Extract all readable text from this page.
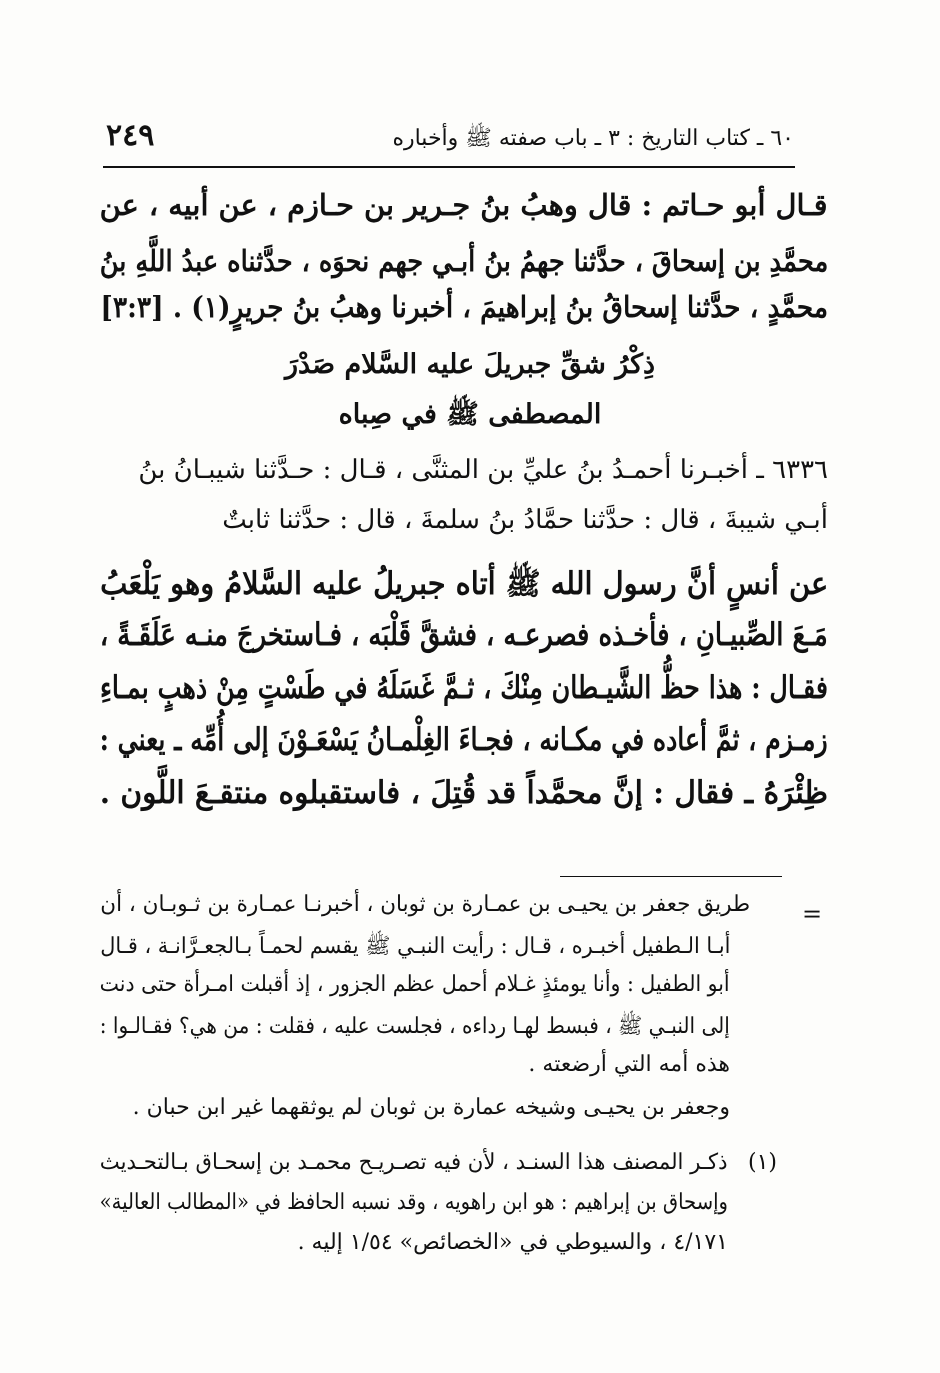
٢٤٩	٦٠ ـ كتاب التاريخ : ٣ ـ باب صفته ﷺ وأخباره
قـال أبو حـاتم : قال وهبُ بنُ جـرير بن حـازم ، عن أبيه ، عن
محمَّدِ بن إسحاقَ ، حدَّثنا جهمُ بنُ أبـي جهم نحوَه ، حدَّثناه عبدُ اللَّهِ بنُ
محمَّدٍ ، حدَّثنا إسحاقُ بنُ إبراهيمَ ، أخبرنا وهبُ بنُ جريرٍ(١) . [٣:٣]
ذِكْرُ شقِّ جبريلَ عليه السَّلام صَدْرَ
المصطفى ﷺ في صِباه
٦٣٣٦ ـ أخبـرنا أحمـدُ بنُ عليِّ بن المثنَّى ، قـال : حـدَّثنا شيبـانُ بنُ
أبـي شيبةَ ، قال : حدَّثنا حمَّادُ بنُ سلمةَ ، قال : حدَّثنا ثابتٌ
عن أنسٍ أنَّ رسول الله ﷺ أتاه جبريلُ عليه السَّلامُ وهو يَلْعَبُ
مَـعَ الصِّبيـانِ ، فأخـذه فصرعـه ، فشقَّ قَلْبَه ، فـاستخرجَ منـه عَلَقَـةً ،
فقـال : هذا حظُّ الشَّيـطان مِنْكَ ، ثـمَّ غَسَلَهُ في طَسْتٍ مِنْ ذهبٍ بمـاءِ
زمـزم ، ثمَّ أعاده في مكـانه ، فجـاءَ الغِلْمـانُ يَسْعَـوْنَ إلى أُمِّه ـ يعني :
ظِئْرَهُ ـ فقال : إنَّ محمَّداً قد قُتِلَ ، فاستقبلوه منتقـعَ اللَّون .
=
طريق جعفر بن يحيـى بن عمـارة بن ثوبان ، أخبرنـا عمـارة بن ثـوبـان ، أن
أبـا الـطفيل أخبـره ، قـال : رأيت النبـي ﷺ يقسم لحمـاً بـالجعـرَّانـة ، قـال
أبو الطفيل : وأنا يومئذٍ غـلام أحمل عظم الجزور ، إذ أقبلت امـرأة حتى دنت
إلى النبـي ﷺ ، فبسط لهـا رداءه ، فجلست عليه ، فقلت : من هي؟ فقـالـوا :
هذه أمه التي أرضعته .
وجعفر بن يحيـى وشيخه عمارة بن ثوبان لم يوثقهما غير ابن حبان .
(١)
ذكـر المصنف هذا السنـد ، لأن فيه تصـريـح محمـد بن إسحـاق بـالتحـديث
وإسحاق بن إبراهيم : هو ابن راهويه ، وقد نسبه الحافظ في «المطالب العالية»
٤/١٧١ ، والسيوطي في «الخصائص» ١/٥٤ إليه .
